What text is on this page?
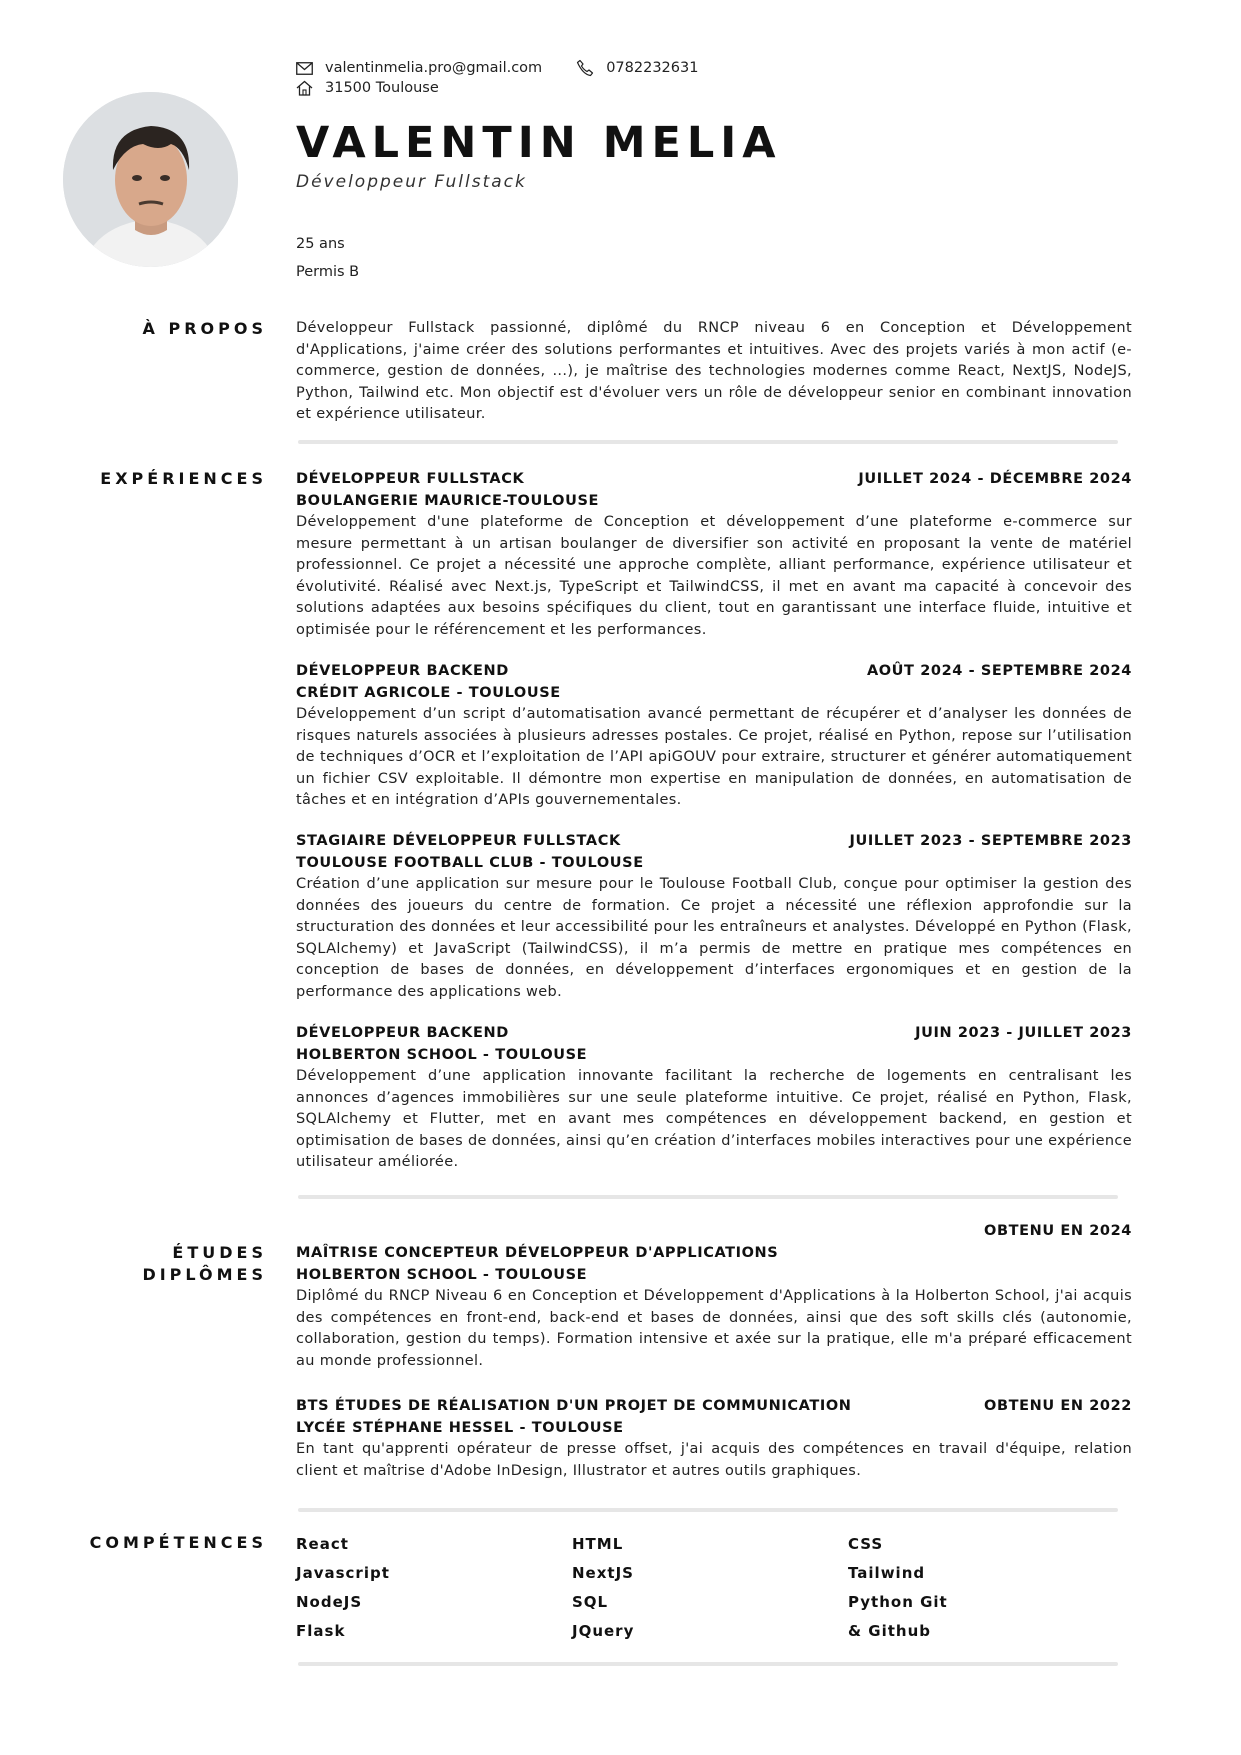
valentinmelia.pro@gmail.com	0782232631
31500 Toulouse
VALENTIN MELIA
Développeur Fullstack
25 ans
Permis B
À PROPOS Développeur Fullstack passionné, diplômé du RNCP niveau 6 en Conception et Développement d'Applications, j'aime créer des solutions performantes et intuitives. Avec des projets variés à mon actif (e-commerce, gestion de données, ...), je maîtrise des technologies modernes comme React, NextJS, NodeJS, Python, Tailwind etc. Mon objectif est d'évoluer vers un rôle de développeur senior en combinant innovation et expérience utilisateur.

EXPÉRIENCES DÉVELOPPEUR FULLSTACK	JUILLET 2024 - DÉCEMBRE 2024
BOULANGERIE MAURICE-TOULOUSE

Développement d'une plateforme de Conception et développement d’une plateforme e-commerce sur mesure permettant à un artisan boulanger de diversifier son activité en proposant la vente de matériel professionnel. Ce projet a nécessité une approche complète, alliant performance, expérience utilisateur et évolutivité. Réalisé avec Next.js, TypeScript et TailwindCSS, il met en avant ma capacité à concevoir des solutions adaptées aux besoins spécifiques du client, tout en garantissant une interface fluide, intuitive et optimisée pour le référencement et les performances.

DÉVELOPPEUR BACKEND	AOÛT 2024 - SEPTEMBRE 2024
CRÉDIT AGRICOLE - TOULOUSE

Développement d’un script d’automatisation avancé permettant de récupérer et d’analyser les données de risques naturels associées à plusieurs adresses postales. Ce projet, réalisé en Python, repose sur l’utilisation de techniques d’OCR et l’exploitation de l’API apiGOUV pour extraire, structurer et générer automatiquement un fichier CSV exploitable. Il démontre mon expertise en manipulation de données, en automatisation de tâches et en intégration d’APIs gouvernementales.

STAGIAIRE DÉVELOPPEUR FULLSTACK	JUILLET 2023 - SEPTEMBRE 2023
TOULOUSE FOOTBALL CLUB - TOULOUSE

Création d’une application sur mesure pour le Toulouse Football Club, conçue pour optimiser la gestion des données des joueurs du centre de formation. Ce projet a nécessité une réflexion approfondie sur la structuration des données et leur accessibilité pour les entraîneurs et analystes. Développé en Python (Flask, SQLAlchemy) et JavaScript (TailwindCSS), il m’a permis de mettre en pratique mes compétences en conception de bases de données, en développement d’interfaces ergonomiques et en gestion de la performance des applications web.

DÉVELOPPEUR BACKEND	JUIN 2023 - JUILLET 2023
HOLBERTON SCHOOL - TOULOUSE

Développement d’une application innovante facilitant la recherche de logements en centralisant les annonces d’agences immobilières sur une seule plateforme intuitive. Ce projet, réalisé en Python, Flask, SQLAlchemy et Flutter, met en avant mes compétences en développement backend, en gestion et optimisation de bases de données, ainsi qu’en création d’interfaces mobiles interactives pour une expérience utilisateur améliorée.

ÉTUDES
DIPLÔMES
OBTENU EN 2024
MAÎTRISE CONCEPTEUR DÉVELOPPEUR D'APPLICATIONS
HOLBERTON SCHOOL - TOULOUSE

Diplômé du RNCP Niveau 6 en Conception et Développement d'Applications à la Holberton School, j'ai acquis des compétences en front-end, back-end et bases de données, ainsi que des soft skills clés (autonomie, collaboration, gestion du temps). Formation intensive et axée sur la pratique, elle m'a préparé efficacement au monde professionnel.

BTS ÉTUDES DE RÉALISATION D'UN PROJET DE COMMUNICATION	OBTENU EN 2022
LYCÉE STÉPHANE HESSEL - TOULOUSE

En tant qu'apprenti opérateur de presse offset, j'ai acquis des compétences en travail d'équipe, relation client et maîtrise d'Adobe InDesign, Illustrator et autres outils graphiques.

COMPÉTENCES React	HTML	CSS
Javascript	NextJS	Tailwind
NodeJS	SQL	Python Git
Flask	JQuery	& Github
